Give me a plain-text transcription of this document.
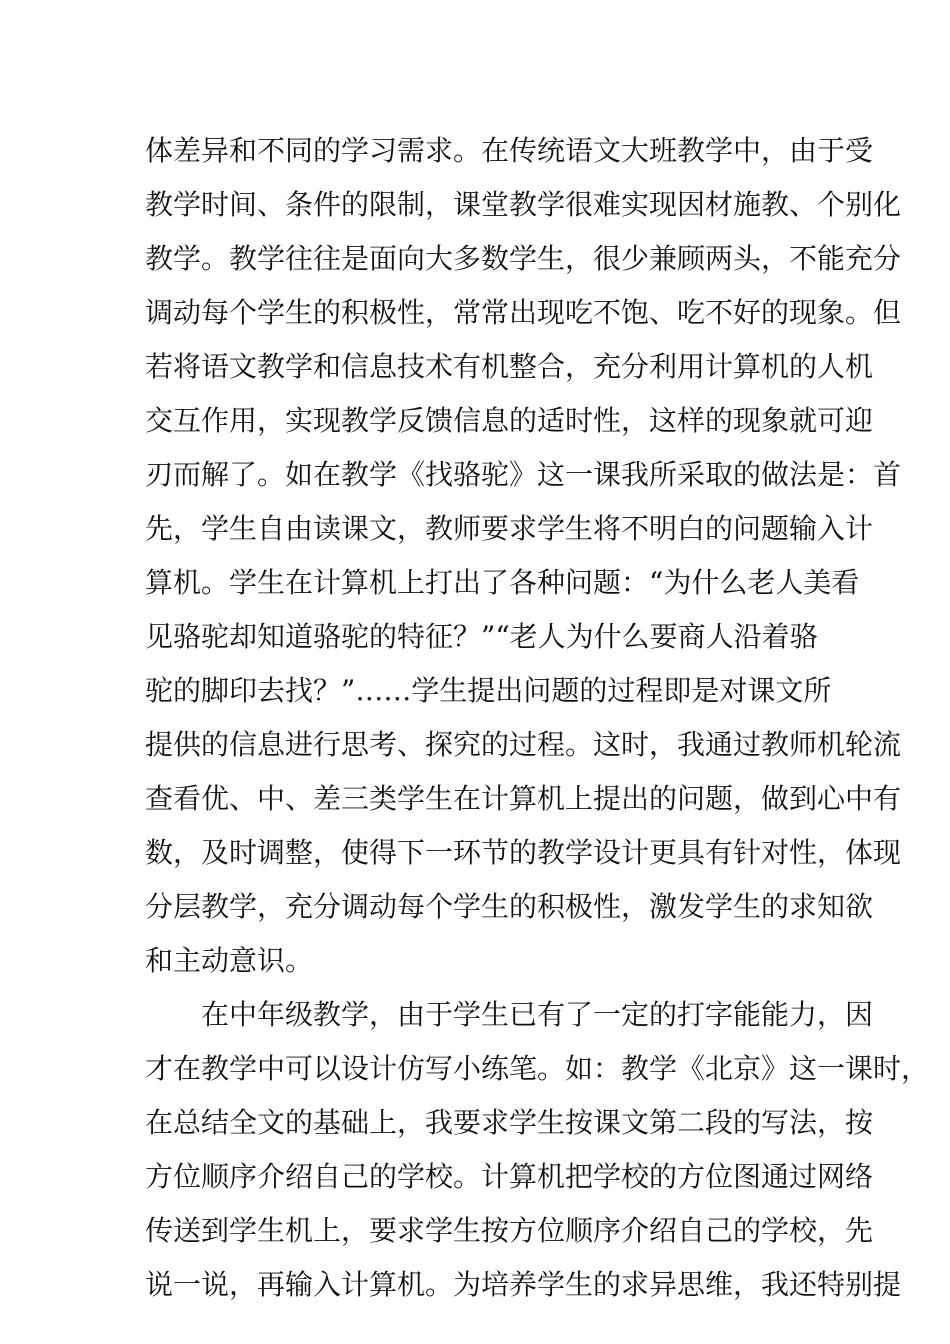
体差异和不同的学习需求。在传统语文大班教学中，由于受
教学时间、条件的限制，课堂教学很难实现因材施教、个别化
教学。教学往往是面向大多数学生，很少兼顾两头，不能充分
调动每个学生的积极性，常常出现吃不饱、吃不好的现象。但
若将语文教学和信息技术有机整合，充分利用计算机的人机
交互作用，实现教学反馈信息的适时性，这样的现象就可迎
刃而解了。如在教学《找骆驼》这一课我所采取的做法是：首
先，学生自由读课文，教师要求学生将不明白的问题输入计
算机。学生在计算机上打出了各种问题：“为什么老人美看
见骆驼却知道骆驼的特征？”“老人为什么要商人沿着骆
驼的脚印去找？”……学生提出问题的过程即是对课文所
提供的信息进行思考、探究的过程。这时，我通过教师机轮流
查看优、中、差三类学生在计算机上提出的问题，做到心中有
数，及时调整，使得下一环节的教学设计更具有针对性，体现
分层教学，充分调动每个学生的积极性，激发学生的求知欲
和主动意识。
在中年级教学，由于学生已有了一定的打字能能力，因
才在教学中可以设计仿写小练笔。如：教学《北京》这一课时，
在总结全文的基础上，我要求学生按课文第二段的写法，按
方位顺序介绍自己的学校。计算机把学校的方位图通过网络
传送到学生机上，要求学生按方位顺序介绍自己的学校，先
说一说，再输入计算机。为培养学生的求异思维，我还特别提
